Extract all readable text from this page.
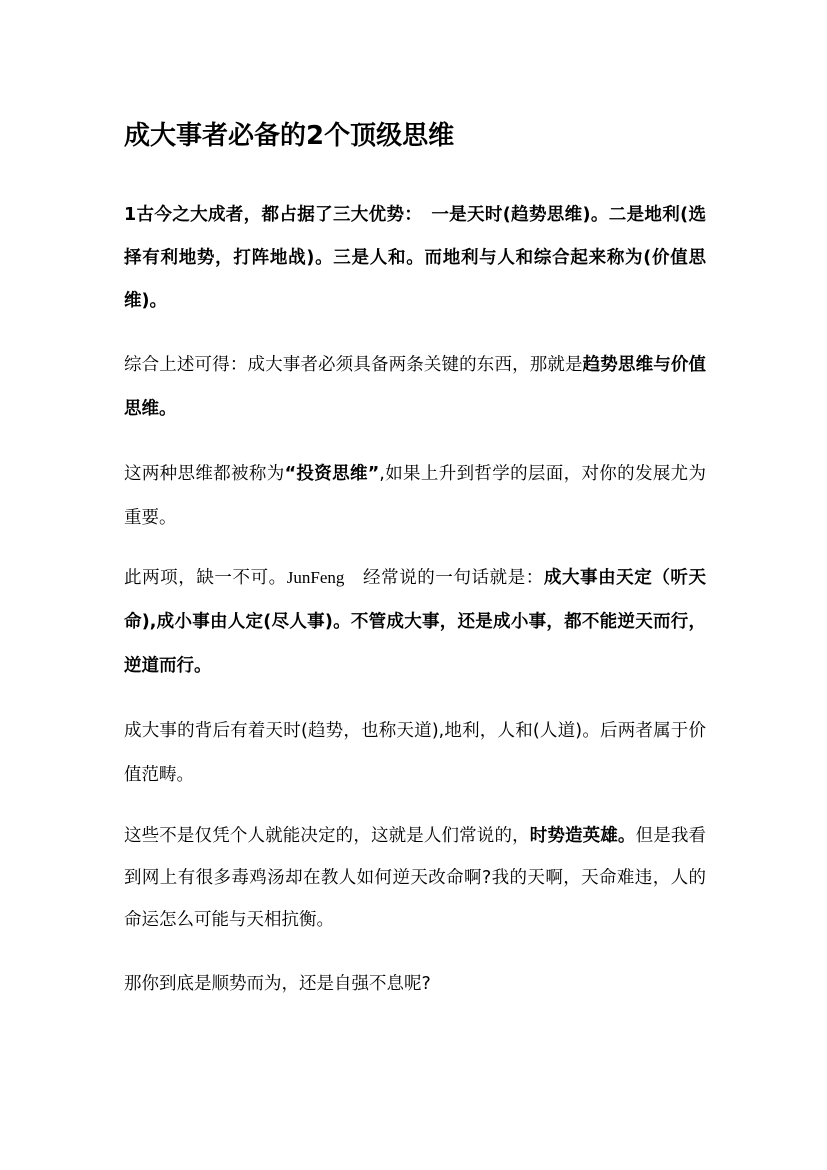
成大事者必备的2个顶级思维

1古今之大成者，都占据了三大优势：　一是天时(趋势思维)。二是地利(选择有利地势，打阵地战)。三是人和。而地利与人和综合起来称为(价值思维)。

综合上述可得：成大事者必须具备两条关键的东西，那就是趋势思维与价值思维。

这两种思维都被称为“投资思维”,如果上升到哲学的层面，对你的发展尤为重要。

此两项，缺一不可。JunFeng　经常说的一句话就是：成大事由天定（听天命),成小事由人定(尽人事)。不管成大事，还是成小事，都不能逆天而行，逆道而行。

成大事的背后有着天时(趋势，也称天道),地利，人和(人道)。后两者属于价值范畴。

这些不是仅凭个人就能决定的，这就是人们常说的，时势造英雄。但是我看到网上有很多毒鸡汤却在教人如何逆天改命啊?我的天啊，天命难违，人的命运怎么可能与天相抗衡。

那你到底是顺势而为，还是自强不息呢?
